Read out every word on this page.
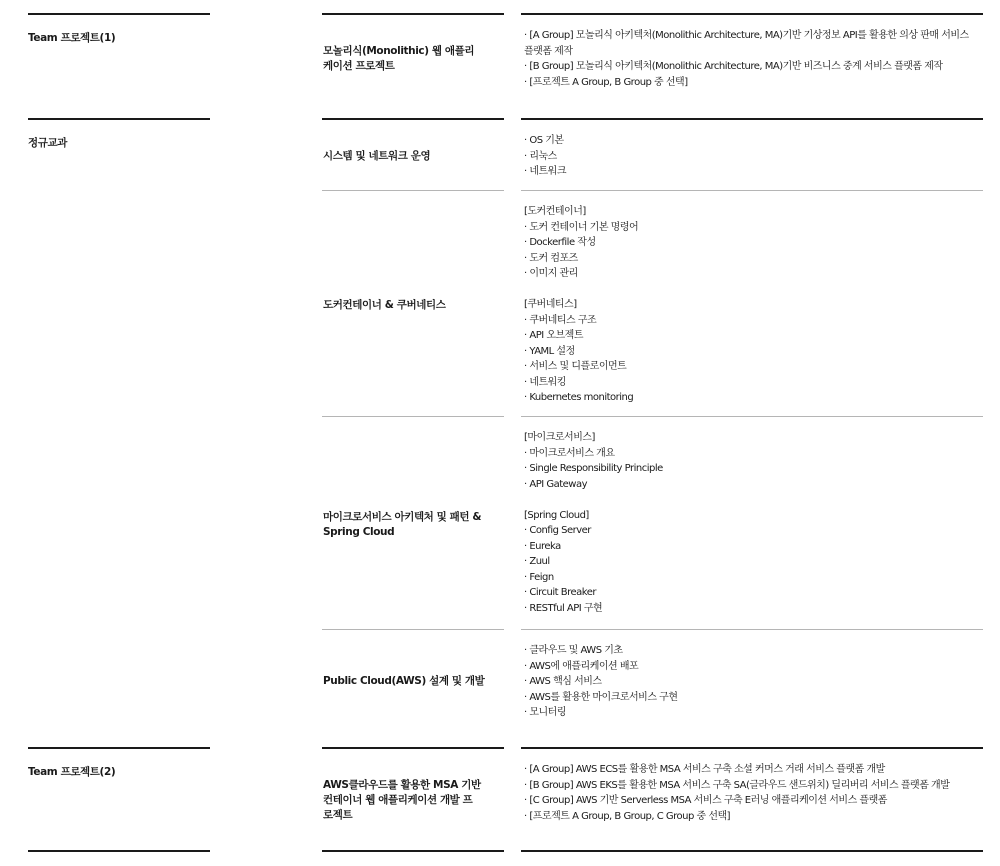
Team 프로젝트(1)
모놀리식(Monolithic) 웹 애플리케이션 프로젝트
· [A Group] 모놀리식 아키텍처(Monolithic Architecture, MA)기반 기상정보 API를 활용한 의상 판매 서비스 플랫폼 제작
· [B Group] 모놀리식 아키텍처(Monolithic Architecture, MA)기반 비즈니스 중계 서비스 플랫폼 제작
· [프로젝트 A Group, B Group 중 선택]
정규교과
시스템 및 네트워크 운영
· OS 기본
· 리눅스
· 네트워크
도커컨테이너 & 쿠버네티스
[도커컨테이너]
· 도커 컨테이너 기본 명령어
· Dockerfile 작성
· 도커 컴포즈
· 이미지 관리
[쿠버네티스]
· 쿠버네티스 구조
· API 오브젝트
· YAML 설정
· 서비스 및 디플로이먼트
· 네트워킹
· Kubernetes monitoring
마이크로서비스 아키텍처 및 패턴 & Spring Cloud
[마이크로서비스]
· 마이크로서비스 개요
· Single Responsibility Principle
· API Gateway
[Spring Cloud]
· Config Server
· Eureka
· Zuul
· Feign
· Circuit Breaker
· RESTful API 구현
Public Cloud(AWS) 설계 및 개발
· 클라우드 및 AWS 기초
· AWS에 애플리케이션 배포
· AWS 핵심 서비스
· AWS를 활용한 마이크로서비스 구현
· 모니터링
Team 프로젝트(2)
AWS클라우드를 활용한 MSA 기반 컨테이너 웹 애플리케이션 개발 프로젝트
· [A Group] AWS ECS를 활용한 MSA 서비스 구축 소셜 커머스 거래 서비스 플랫폼 개발
· [B Group] AWS EKS를 활용한 MSA 서비스 구축 SA(글라우드 샌드위치) 딜리버리 서비스 플랫폼 개발
· [C Group] AWS 기반 Serverless MSA 서비스 구축 E러닝 애플리케이션 서비스 플랫폼
· [프로젝트 A Group, B Group, C Group 중 선택]
